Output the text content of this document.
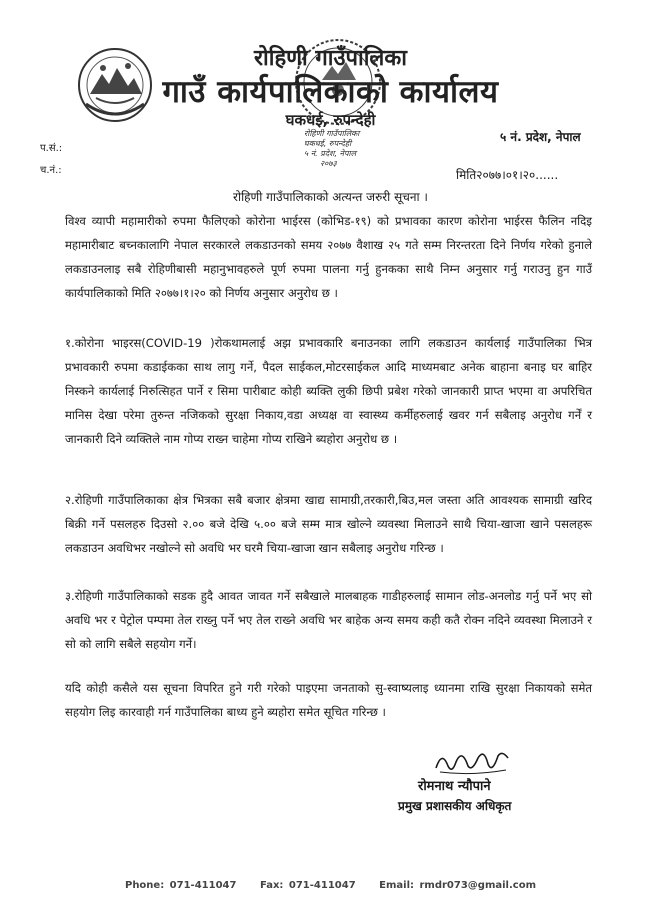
रोहिणी गाउँपालिका
गाउँ कार्यपालिकाको कार्यालय
घकधई, रुपन्देही
५ नं. प्रदेश, नेपाल
प.सं.:
च.नं.:
रोहिणी गाउँपालिका
घकधई, रुपन्देही
५ नं. प्रदेश, नेपाल
२०७३
मिति२०७७।०१।२०......
रोहिणी गाउँपालिकाको अत्यन्त जरुरी सूचना ।
विश्व व्यापी महामारीको रुपमा फैलिएको कोरोना भाईरस (कोभिड-१९) को प्रभावका कारण कोरोना भाईरस फैलिन नदिइ महामारीबाट बच्नकालागि नेपाल सरकारले लकडाउनको समय २०७७ वैशाख २५ गते सम्म निरन्तरता दिने निर्णय गरेको हुनाले लकडाउनलाइ सबै रोहिणीबासी महानुभावहरुले पूर्ण रुपमा पालना गर्नु हुनकका साथै निम्न अनुसार गर्नु गराउनु हुन गाउँ कार्यपालिकाको मिति २०७७।१।२० को निर्णय अनुसार अनुरोध छ ।
१.कोरोना भाइरस(COVID-19 )रोकथामलाई अझ प्रभावकारि बनाउनका लागि लकडाउन कार्यलाई गाउँपालिका भित्र प्रभावकारी रुपमा कडाईकका साथ लागु गर्ने, पैदल साईकल,मोटरसाईकल आदि माध्यमबाट अनेक बाहाना बनाइ घर बाहिर निस्कने कार्यलाई निरुत्सिहत पार्ने र सिमा पारीबाट कोही ब्यक्ति लुकी छिपी प्रबेश गरेको जानकारी प्राप्त भएमा वा अपरिचित मानिस देखा परेमा तुरुन्त नजिकको सुरक्षा निकाय,वडा अध्यक्ष वा स्वास्थ्य कर्मीहरुलाई खवर गर्न सबैलाइ अनुरोध गर्नें र जानकारी दिने व्यक्तिले नाम गोप्य राख्न चाहेमा गोप्य राखिने ब्यहोरा अनुरोध छ ।
२.रोहिणी गाउँपालिकाका क्षेत्र भित्रका सबै बजार क्षेत्रमा खाद्य सामाग्री,तरकारी,बिउ,मल जस्ता अति आवश्यक सामाग्री खरिद बिक्री गर्ने पसलहरु दिउसो २.०० बजे देखि ५.०० बजे सम्म मात्र खोल्ने व्यवस्था मिलाउने साथै चिया-खाजा खाने पसलहरू लकडाउन अवधिभर नखोल्ने सो अवधि भर घरमै चिया-खाजा खान सबैलाइ अनुरोध गरिन्छ ।
३.रोहिणी गाउँपालिकाको सडक हुदै आवत जावत गर्ने सबैखाले मालबाहक गाडीहरुलाई सामान लोड-अनलोड गर्नु पर्ने भए सो अवधि भर र पेट्रोल पम्पमा तेल राख्नु पर्ने भए तेल राख्ने अवधि भर बाहेक अन्य समय कही कतै रोक्न नदिने व्यवस्था मिलाउने र सो को लागि सबैले सहयोग गर्ने।
यदि कोही कसैले यस सूचना विपरित हुने गरी गरेको पाइएमा जनताको सु-स्वाष्यलाइ ध्यानमा राखि सुरक्षा निकायको समेत सहयोग लिइ कारवाही गर्न गाउँपालिका बाध्य हुने ब्यहोरा समेत सूचित गरिन्छ ।
रोमनाथ न्यौपाने
प्रमुख प्रशासकीय अधिकृत
Phone: 071-411047 Fax: 071-411047 Email: rmdr073@gmail.com
